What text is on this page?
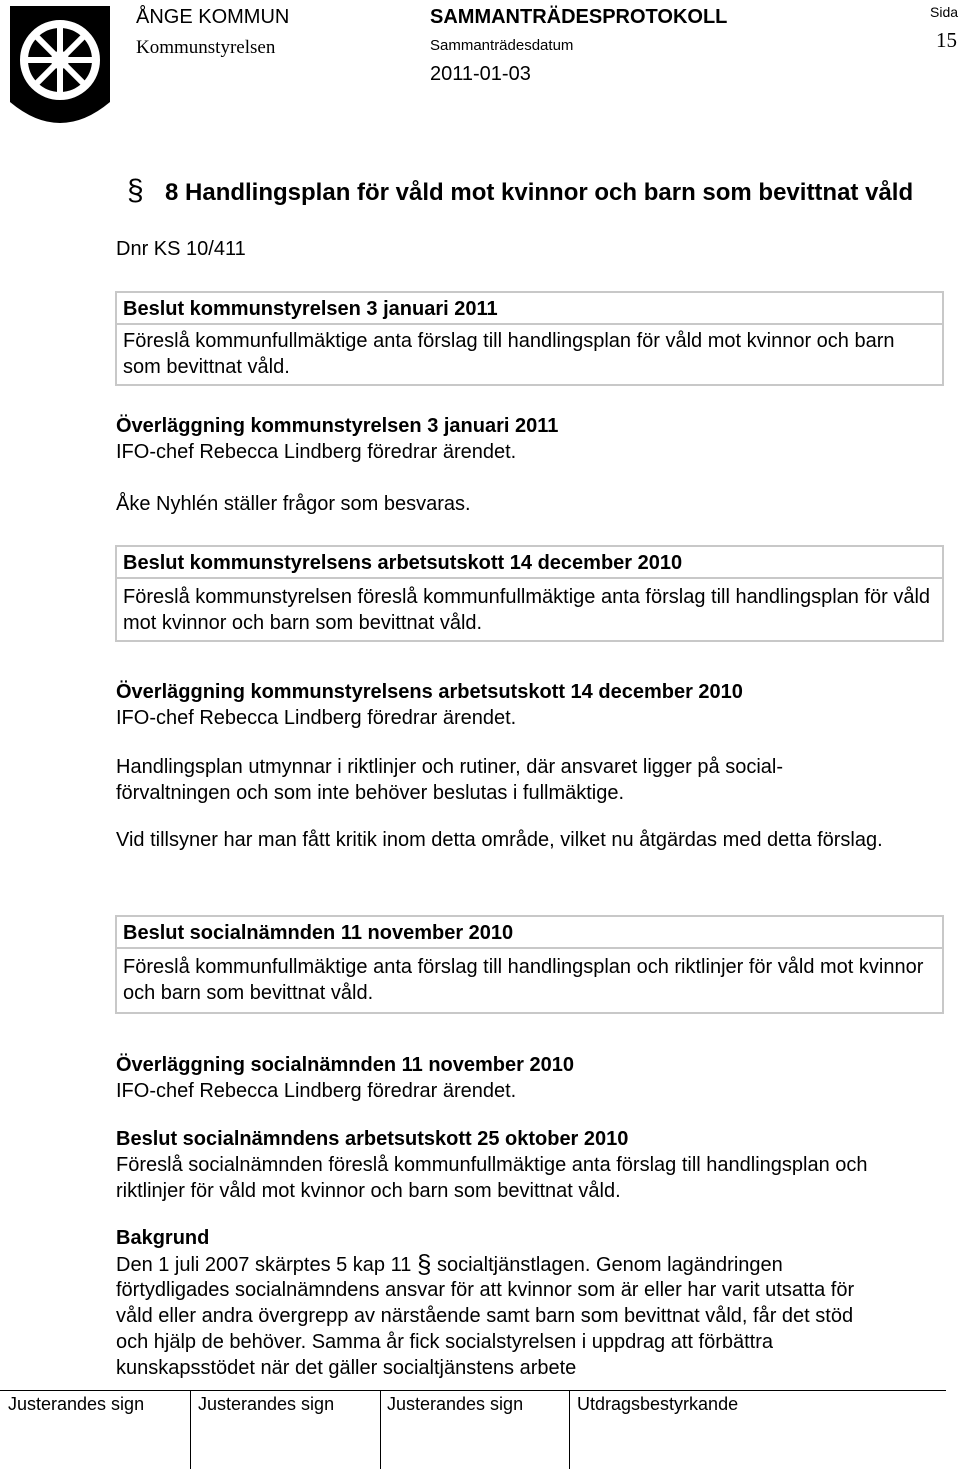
ÅNGE KOMMUN
Kommunstyrelsen
SAMMANTRÄDESPROTOKOLL
Sammanträdesdatum
2011-01-03
Sida
15
§ 8 Handlingsplan för våld mot kvinnor och barn som bevittnat våld
Dnr KS 10/411
Beslut kommunstyrelsen 3 januari 2011
Föreslå kommunfullmäktige anta förslag till handlingsplan för våld mot kvinnor och barn som bevittnat våld.
Överläggning kommunstyrelsen 3 januari 2011
IFO-chef Rebecca Lindberg föredrar ärendet.
Åke Nyhlén ställer frågor som besvaras.
Beslut kommunstyrelsens arbetsutskott 14 december 2010
Föreslå kommunstyrelsen föreslå kommunfullmäktige anta förslag till handlingsplan för våld mot kvinnor och barn som bevittnat våld.
Överläggning kommunstyrelsens arbetsutskott 14 december 2010
IFO-chef Rebecca Lindberg föredrar ärendet.
Handlingsplan utmynnar i riktlinjer och rutiner, där ansvaret ligger på social-förvaltningen och som inte behöver beslutas i fullmäktige.
Vid tillsyner har man fått kritik inom detta område, vilket nu åtgärdas med detta förslag.
Beslut socialnämnden 11 november 2010
Föreslå kommunfullmäktige anta förslag till handlingsplan och riktlinjer för våld mot kvinnor och barn som bevittnat våld.
Överläggning socialnämnden 11 november 2010
IFO-chef Rebecca Lindberg föredrar ärendet.
Beslut socialnämndens arbetsutskott 25 oktober 2010
Föreslå socialnämnden föreslå kommunfullmäktige anta förslag till handlingsplan och riktlinjer för våld mot kvinnor och barn som bevittnat våld.
Bakgrund
Den 1 juli 2007 skärptes 5 kap 11 § socialtjänstlagen. Genom lagändringen
förtydligades socialnämndens ansvar för att kvinnor som är eller har varit utsatta för våld eller andra övergrepp av närstående samt barn som bevittnat våld, får det stöd och hjälp de behöver. Samma år fick socialstyrelsen i uppdrag att förbättra kunskapsstödet när det gäller socialtjänstens arbete
Justerandes sign	Justerandes sign	Justerandes sign	Utdragsbestyrkande
